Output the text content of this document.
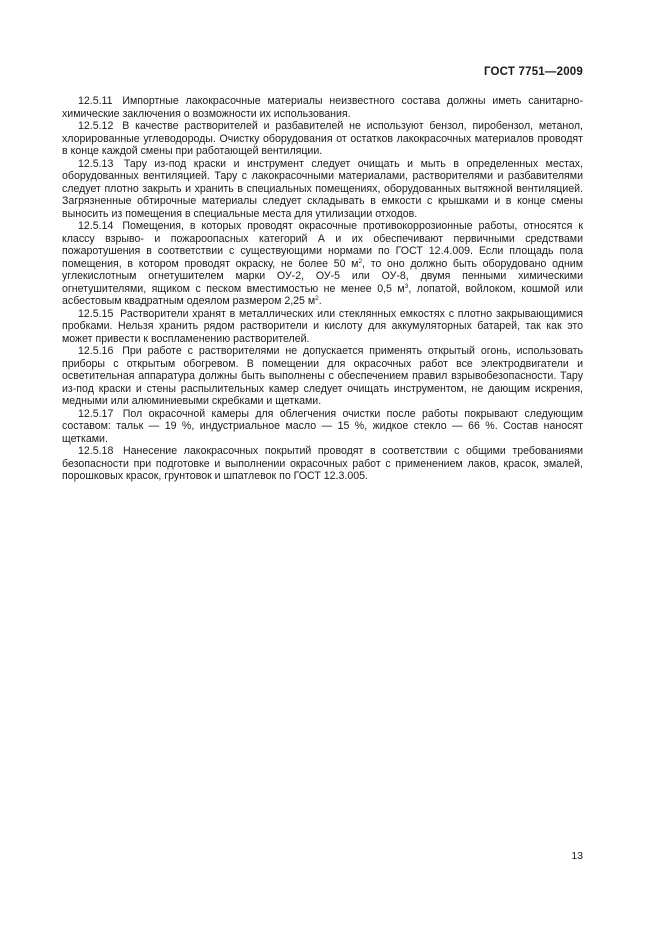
ГОСТ 7751—2009

12.5.11 Импортные лакокрасочные материалы неизвестного состава должны иметь санитарно-химические заключения о возможности их использования.

12.5.12 В качестве растворителей и разбавителей не используют бензол, пиробензол, метанол, хлорированные углеводороды. Очистку оборудования от остатков лакокрасочных материалов проводят в конце каждой смены при работающей вентиляции.

12.5.13 Тару из-под краски и инструмент следует очищать и мыть в определенных местах, оборудованных вентиляцией. Тару с лакокрасочными материалами, растворителями и разбавителями следует плотно закрыть и хранить в специальных помещениях, оборудованных вытяжной вентиляцией. Загрязненные обтирочные материалы следует складывать в емкости с крышками и в конце смены выносить из помещения в специальные места для утилизации отходов.

12.5.14 Помещения, в которых проводят окрасочные противокоррозионные работы, относятся к классу взрыво- и пожароопасных категорий А и их обеспечивают первичными средствами пожаротушения в соответствии с существующими нормами по ГОСТ 12.4.009. Если площадь пола помещения, в котором проводят окраску, не более 50 $м^2$, то оно должно быть оборудовано одним углекислотным огнетушителем марки ОУ-2, ОУ-5 или ОУ-8, двумя пенными химическими огнетушителями, ящиком с песком вместимостью не менее 0,5 $м^3$, лопатой, войлоком, кошмой или асбестовым квадратным одеялом размером 2,25 $м^2$.

12.5.15 Растворители хранят в металлических или стеклянных емкостях с плотно закрывающимися пробками. Нельзя хранить рядом растворители и кислоту для аккумуляторных батарей, так как это может привести к воспламенению растворителей.

12.5.16 При работе с растворителями не допускается применять открытый огонь, использовать приборы с открытым обогревом. В помещении для окрасочных работ все электродвигатели и осветительная аппаратура должны быть выполнены с обеспечением правил взрывобезопасности. Тару из-под краски и стены распылительных камер следует очищать инструментом, не дающим искрения, медными или алюминиевыми скребками и щетками.

12.5.17 Пол окрасочной камеры для облегчения очистки после работы покрывают следующим составом: тальк — 19 %, индустриальное масло — 15 %, жидкое стекло — 66 %. Состав наносят щетками.

12.5.18 Нанесение лакокрасочных покрытий проводят в соответствии с общими требованиями безопасности при подготовке и выполнении окрасочных работ с применением лаков, красок, эмалей, порошковых красок, грунтовок и шпатлевок по ГОСТ 12.3.005.

13
